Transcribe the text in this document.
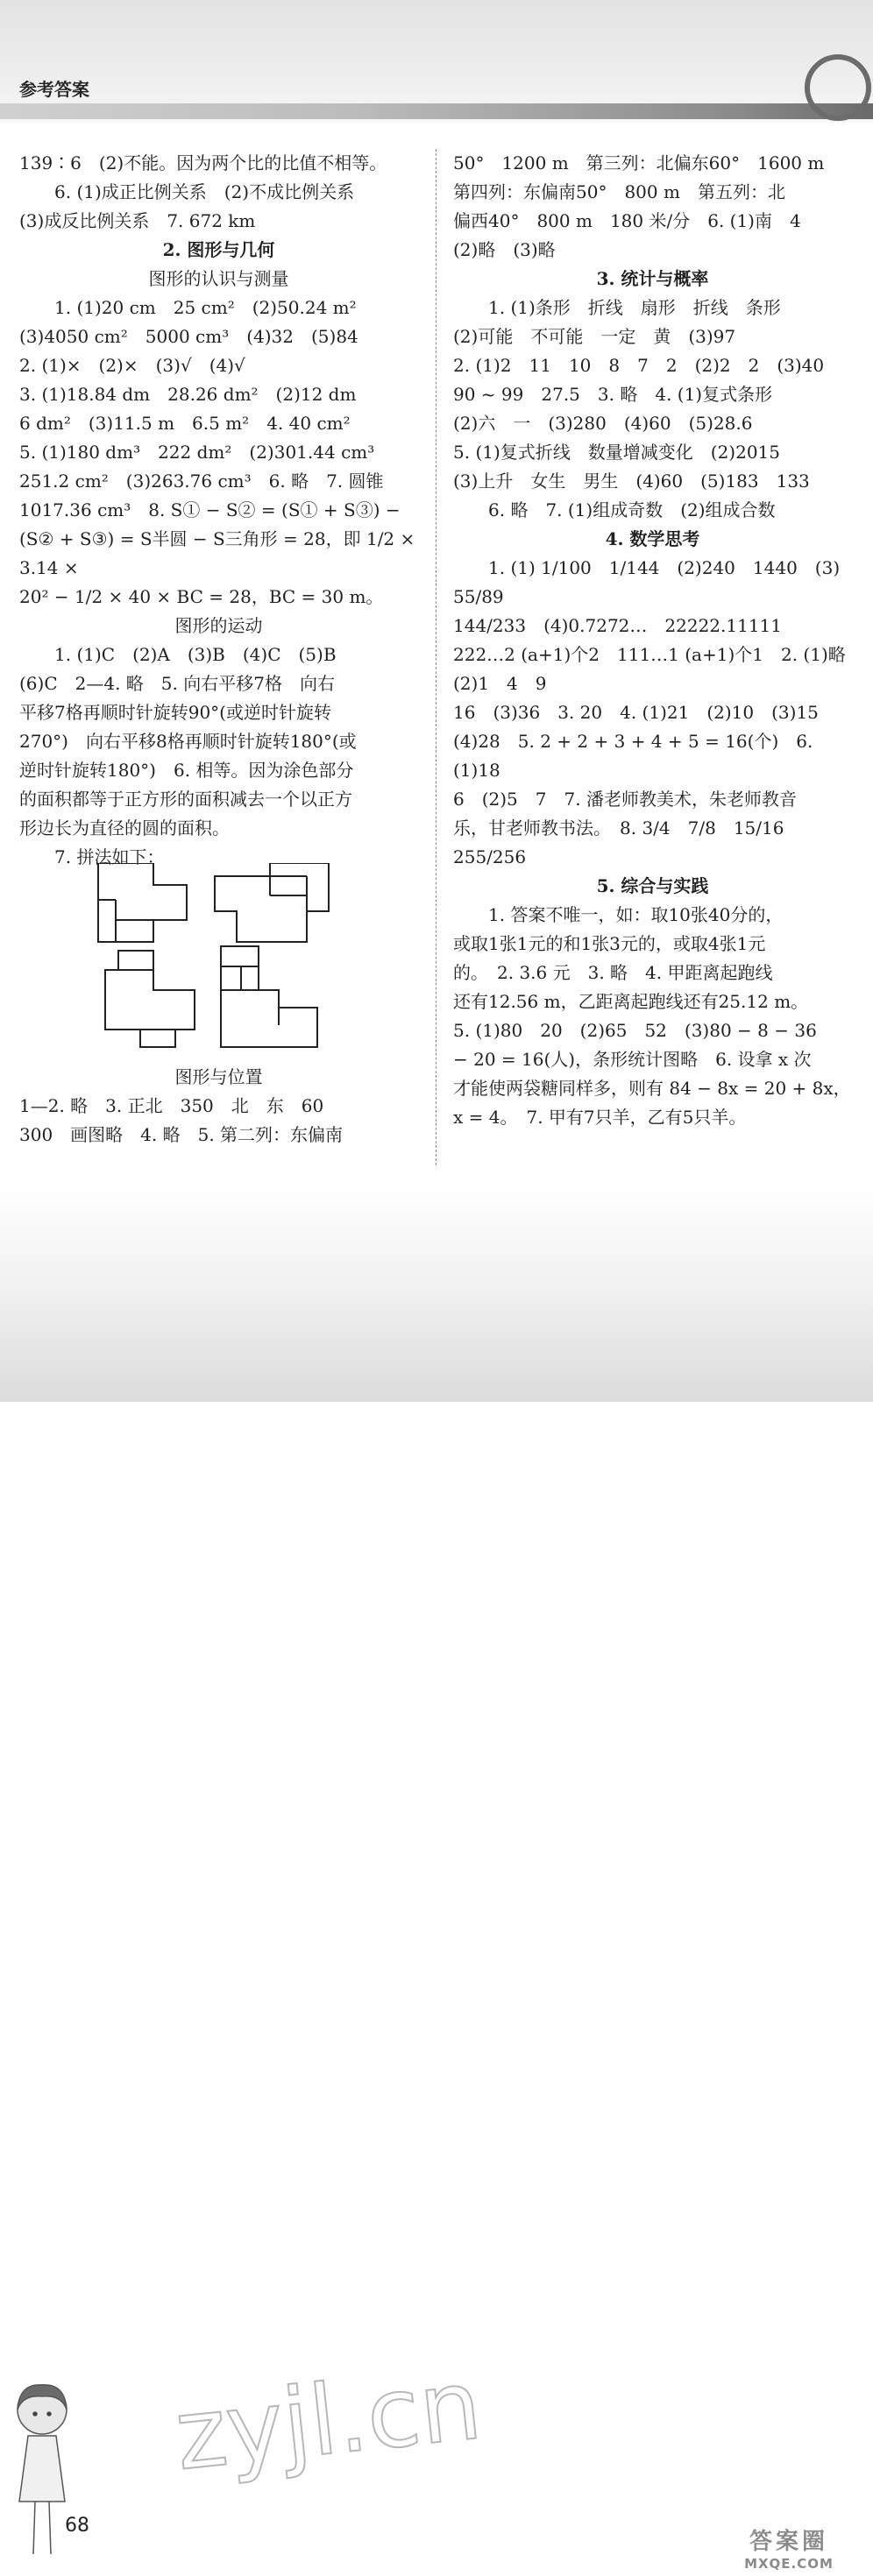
参考答案

139∶6　(2)不能。因为两个比的比值不相等。

6. (1)成正比例关系　(2)不成比例关系

(3)成反比例关系　7. 672 km

2. 图形与几何

图形的认识与测量

1. (1)20 cm　25 cm²　(2)50.24 m²

(3)4050 cm²　5000 cm³　(4)32　(5)84

2. (1)×　(2)×　(3)√　(4)√

3. (1)18.84 dm　28.26 dm²　(2)12 dm

6 dm²　(3)11.5 m　6.5 m²　4. 40 cm²

5. (1)180 dm³　222 dm²　(2)301.44 cm³

251.2 cm²　(3)263.76 cm³　6. 略　7. 圆锥

1017.36 cm³　8. S① − S② = (S① + S③) −

(S② + S③) = S半圆 − S三角形 = 28，即 1/2 × 3.14 ×

20² − 1/2 × 40 × BC = 28，BC = 30 m。

图形的运动

1. (1)C　(2)A　(3)B　(4)C　(5)B

(6)C　2—4. 略　5. 向右平移7格　向右

平移7格再顺时针旋转90°(或逆时针旋转

270°)　向右平移8格再顺时针旋转180°(或

逆时针旋转180°)　6. 相等。因为涂色部分

的面积都等于正方形的面积减去一个以正方

形边长为直径的圆的面积。

7. 拼法如下：

图形与位置

1—2. 略　3. 正北　350　北　东　60

300　画图略　4. 略　5. 第二列：东偏南

50°　1200 m　第三列：北偏东60°　1600 m

第四列：东偏南50°　800 m　第五列：北

偏西40°　800 m　180 米/分　6. (1)南　4

(2)略　(3)略

3. 统计与概率

1. (1)条形　折线　扇形　折线　条形

(2)可能　不可能　一定　黄　(3)97

2. (1)2　11　10　8　7　2　(2)2　2　(3)40

90 ~ 99　27.5　3. 略　4. (1)复式条形

(2)六　一　(3)280　(4)60　(5)28.6

5. (1)复式折线　数量增减变化　(2)2015

(3)上升　女生　男生　(4)60　(5)183　133

6. 略　7. (1)组成奇数　(2)组成合数

4. 数学思考

1. (1) 1/100　1/144　(2)240　1440　(3) 55/89

144/233　(4)0.7272…　22222.11111

222…2 (a+1)个2　111…1 (a+1)个1　2. (1)略　(2)1　4　9

16　(3)36　3. 20　4. (1)21　(2)10　(3)15

(4)28　5. 2 + 2 + 3 + 4 + 5 = 16(个)　6. (1)18

6　(2)5　7　7. 潘老师教美术，朱老师教音

乐，甘老师教书法。　8. 3/4　7/8　15/16　255/256

5. 综合与实践

1. 答案不唯一，如：取10张40分的，

或取1张1元的和1张3元的，或取4张1元

的。　2. 3.6 元　3. 略　4. 甲距离起跑线

还有12.56 m，乙距离起跑线还有25.12 m。

5. (1)80　20　(2)65　52　(3)80 − 8 − 36

− 20 = 16(人)，条形统计图略　6. 设拿 x 次

才能使两袋糖同样多，则有 84 − 8x = 20 + 8x，

x = 4。　7. 甲有7只羊，乙有5只羊。

zyjl.cn
68
答案圈
MXQE.COM
